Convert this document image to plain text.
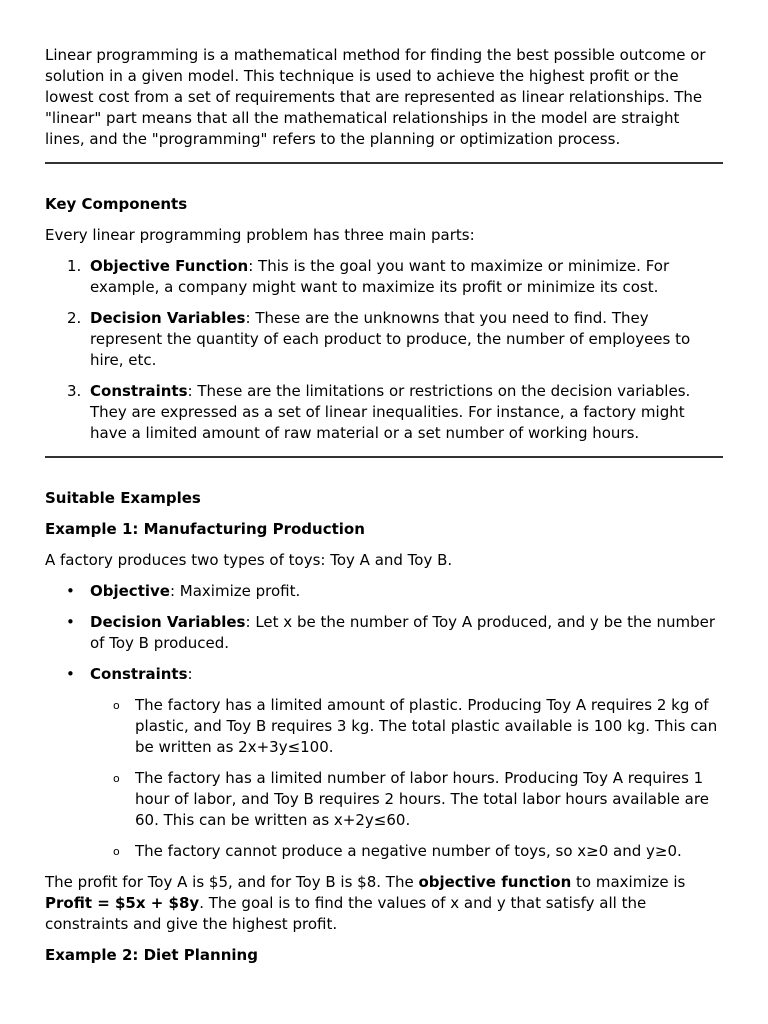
Linear programming is a mathematical method for finding the best possible outcome or solution in a given model. This technique is used to achieve the highest profit or the lowest cost from a set of requirements that are represented as linear relationships. The "linear" part means that all the mathematical relationships in the model are straight lines, and the "programming" refers to the planning or optimization process.

Key Components

Every linear programming problem has three main parts:

1. Objective Function: This is the goal you want to maximize or minimize. For example, a company might want to maximize its profit or minimize its cost.
2. Decision Variables: These are the unknowns that you need to find. They represent the quantity of each product to produce, the number of employees to hire, etc.
3. Constraints: These are the limitations or restrictions on the decision variables. They are expressed as a set of linear inequalities. For instance, a factory might have a limited amount of raw material or a set number of working hours.
Suitable Examples
Example 1: Manufacturing Production

A factory produces two types of toys: Toy A and Toy B.

• Objective: Maximize profit.
• Decision Variables: Let x be the number of Toy A produced, and y be the number of Toy B produced.
• Constraints:
o The factory has a limited amount of plastic. Producing Toy A requires 2 kg of plastic, and Toy B requires 3 kg. The total plastic available is 100 kg. This can be written as 2x+3y≤100.
o The factory has a limited number of labor hours. Producing Toy A requires 1 hour of labor, and Toy B requires 2 hours. The total labor hours available are 60. This can be written as x+2y≤60.
o The factory cannot produce a negative number of toys, so x≥0 and y≥0.

The profit for Toy A is $5, and for Toy B is $8. The objective function to maximize is Profit = $5x + $8y. The goal is to find the values of x and y that satisfy all the constraints and give the highest profit.

Example 2: Diet Planning
